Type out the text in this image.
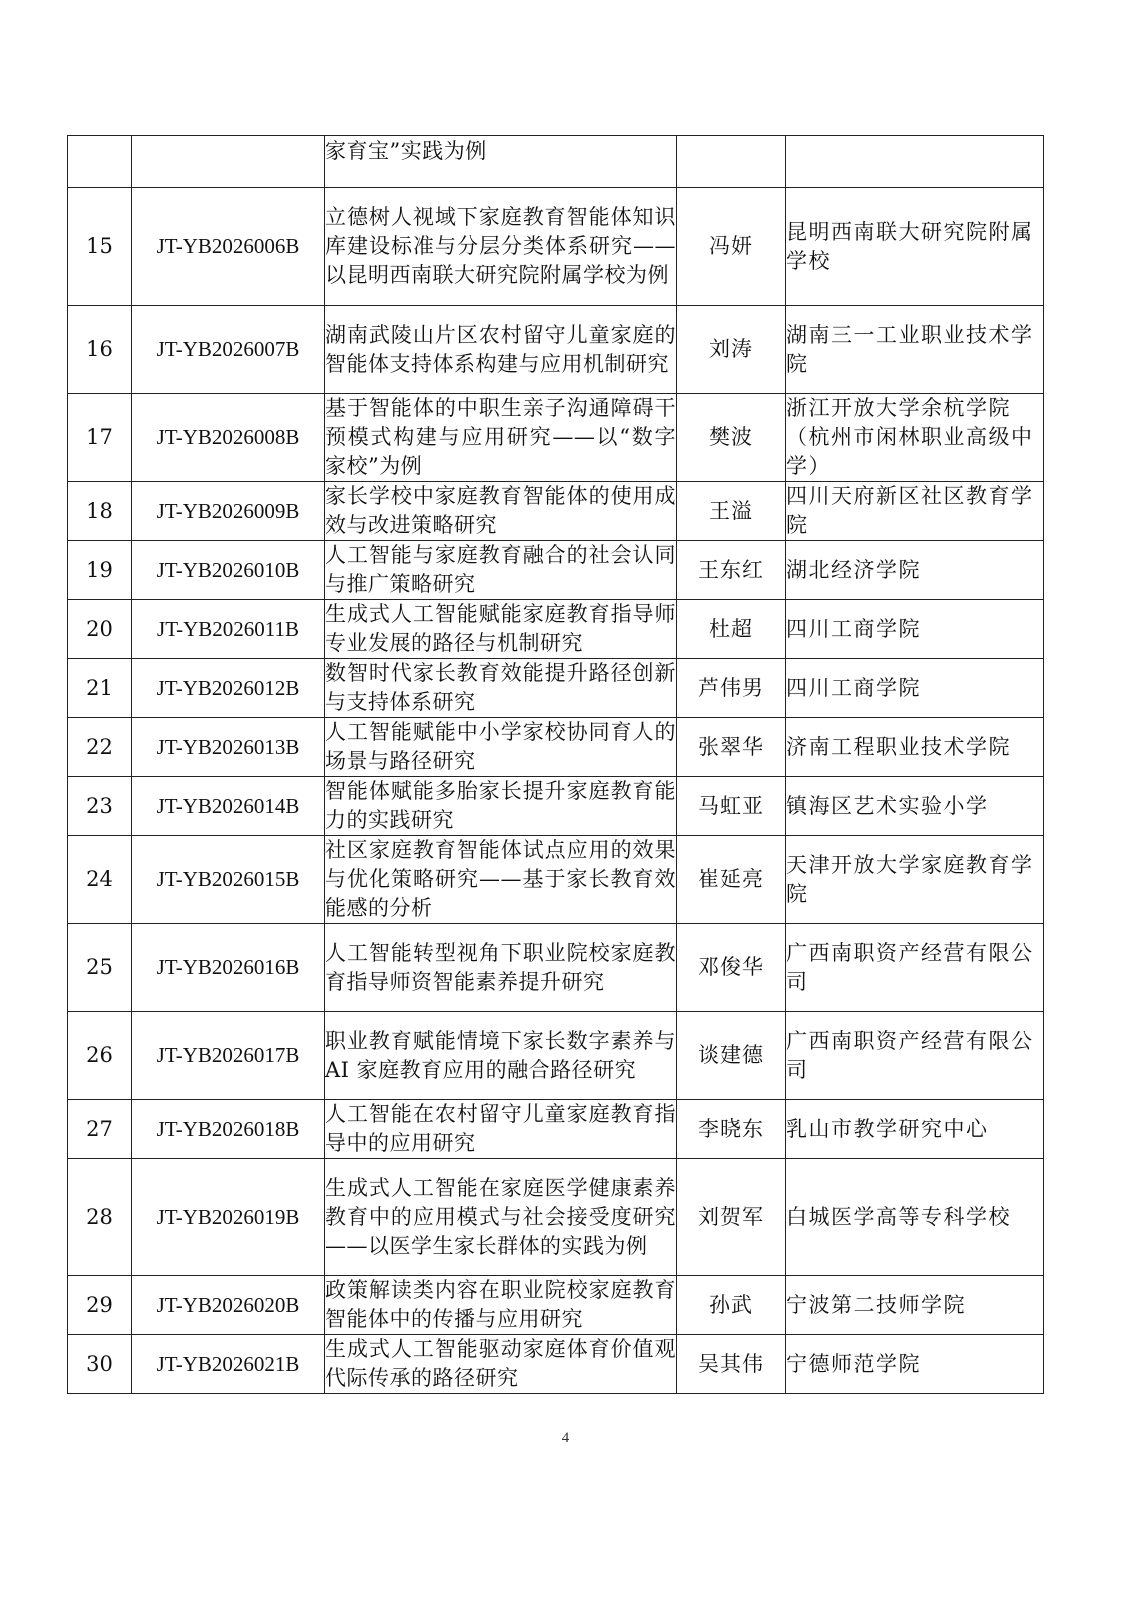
		家育宝”实践为例		
15	JT-YB2026006B	立德树人视域下家庭教育智能体知识库建设标准与分层分类体系研究——以昆明西南联大研究院附属学校为例	冯妍	昆明西南联大研究院附属学校
16	JT-YB2026007B	湖南武陵山片区农村留守儿童家庭的智能体支持体系构建与应用机制研究	刘涛	湖南三一工业职业技术学院
17	JT-YB2026008B	基于智能体的中职生亲子沟通障碍干预模式构建与应用研究——以“数字家校”为例	樊波	浙江开放大学余杭学院（杭州市闲林职业高级中学）
18	JT-YB2026009B	家长学校中家庭教育智能体的使用成效与改进策略研究	王溢	四川天府新区社区教育学院
19	JT-YB2026010B	人工智能与家庭教育融合的社会认同与推广策略研究	王东红	湖北经济学院
20	JT-YB2026011B	生成式人工智能赋能家庭教育指导师专业发展的路径与机制研究	杜超	四川工商学院
21	JT-YB2026012B	数智时代家长教育效能提升路径创新与支持体系研究	芦伟男	四川工商学院
22	JT-YB2026013B	人工智能赋能中小学家校协同育人的场景与路径研究	张翠华	济南工程职业技术学院
23	JT-YB2026014B	智能体赋能多胎家长提升家庭教育能力的实践研究	马虹亚	镇海区艺术实验小学
24	JT-YB2026015B	社区家庭教育智能体试点应用的效果与优化策略研究——基于家长教育效能感的分析	崔延亮	天津开放大学家庭教育学院
25	JT-YB2026016B	人工智能转型视角下职业院校家庭教育指导师资智能素养提升研究	邓俊华	广西南职资产经营有限公司
26	JT-YB2026017B	职业教育赋能情境下家长数字素养与 AI 家庭教育应用的融合路径研究	谈建德	广西南职资产经营有限公司
27	JT-YB2026018B	人工智能在农村留守儿童家庭教育指导中的应用研究	李晓东	乳山市教学研究中心
28	JT-YB2026019B	生成式人工智能在家庭医学健康素养教育中的应用模式与社会接受度研究——以医学生家长群体的实践为例	刘贺军	白城医学高等专科学校
29	JT-YB2026020B	政策解读类内容在职业院校家庭教育智能体中的传播与应用研究	孙武	宁波第二技师学院
30	JT-YB2026021B	生成式人工智能驱动家庭体育价值观代际传承的路径研究	吴其伟	宁德师范学院
4
